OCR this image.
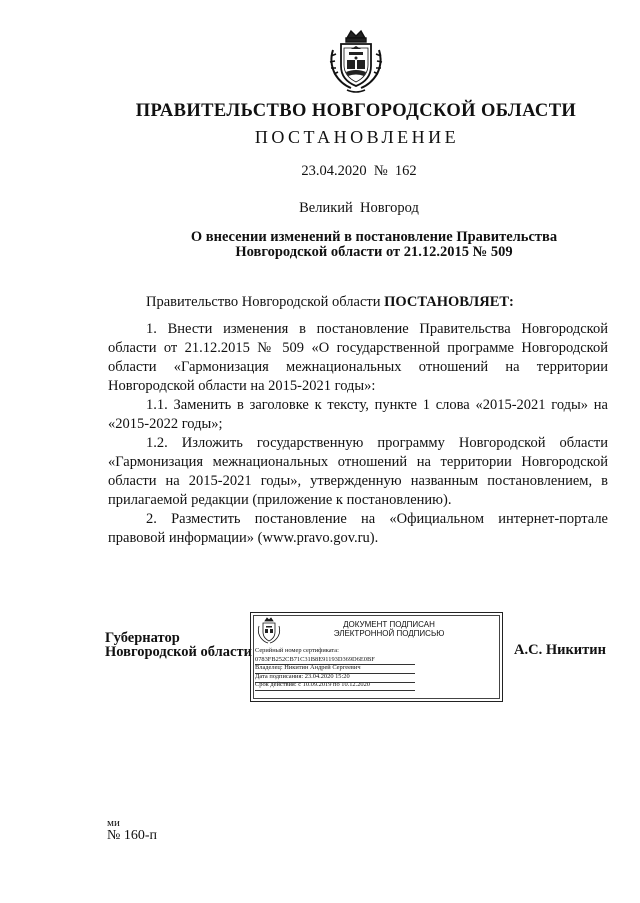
ПРАВИТЕЛЬСТВО НОВГОРОДСКОЙ ОБЛАСТИ
ПОСТАНОВЛЕНИЕ
23.04.2020  №  162
Великий  Новгород
О внесении изменений в постановление Правительства
Новгородской области от 21.12.2015 № 509

Правительство Новгородской области ПОСТАНОВЛЯЕТ:

1. Внести изменения в постановление Правительства Новгородской области от 21.12.2015 № 509 «О государственной программе Новгородской области «Гармонизация межнациональных отношений на территории Новгородской области на 2015-2021 годы»:

1.1. Заменить в заголовке к тексту, пункте 1 слова «2015-2021 годы» на «2015-2022 годы»;

1.2. Изложить государственную программу Новгородской области «Гармонизация межнациональных отношений на территории Новгородской области на 2015-2021 годы», утвержденную названным постановлением, в прилагаемой редакции (приложение к постановлению).

2. Разместить постановление на «Официальном интернет-портале правовой информации» (www.pravo.gov.ru).

Губернатор
Новгородской области
ДОКУМЕНТ ПОДПИСАН
ЭЛЕКТРОННОЙ ПОДПИСЬЮ
Серийный номер сертификата:
0783FB252CB71C31B8E91193D369D6E0BF
Владелец: Никитин Андрей Сергеевич
Дата подписания: 23.04.2020 15:20
Срок действия: с 10.09.2019 по 10.12.2020
А.С. Никитин
ми
№ 160-п
